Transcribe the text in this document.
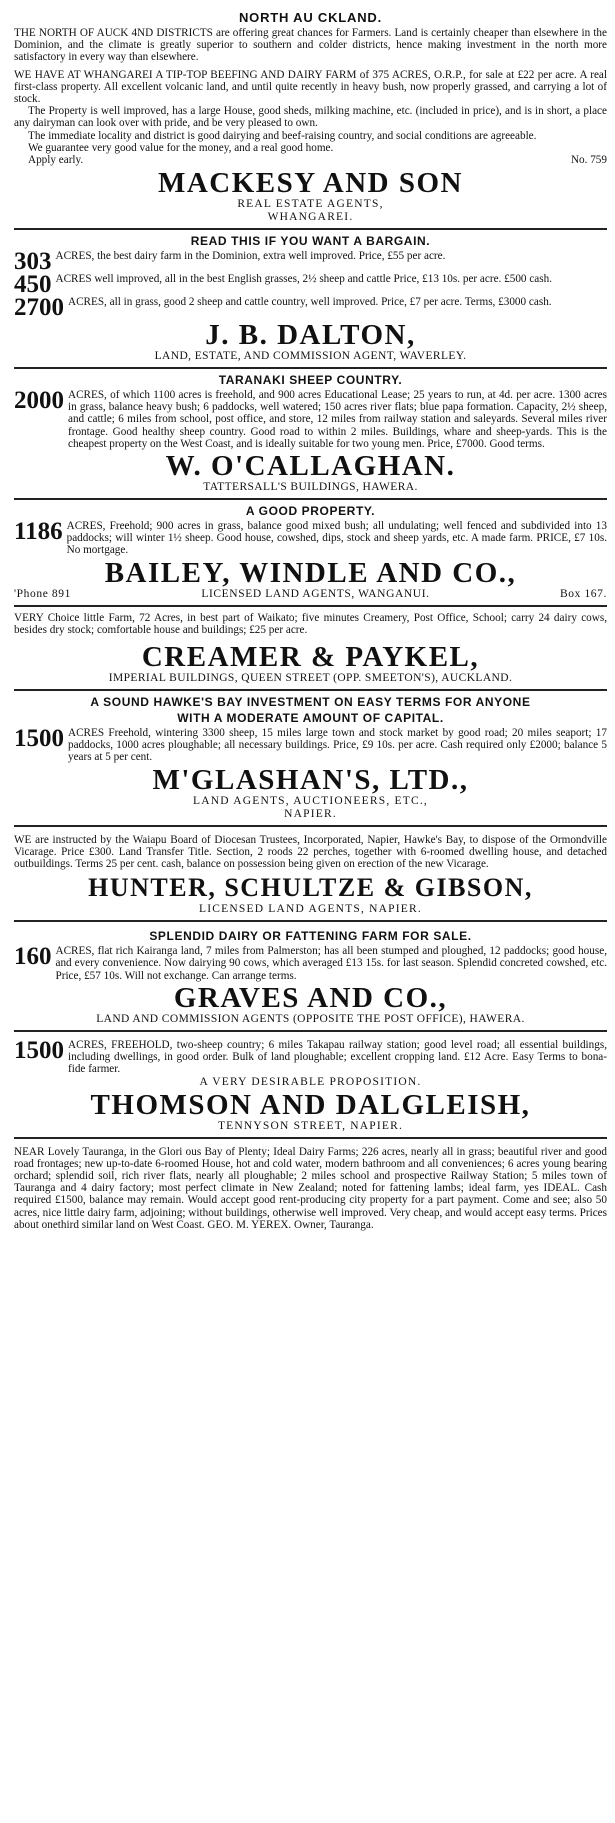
NORTH AU CKLAND.

THE NORTH OF AUCK 4ND DISTRICTS are offering great chances for Farmers. Land is certainly cheaper than elsewhere in the Dominion, and the climate is greatly superior to southern and colder districts, hence making investment in the north more satisfactory in every way than elsewhere.

WE HAVE AT WHANGAREI A TIP-TOP BEEFING AND DAIRY FARM of 375 ACRES, O.R.P., for sale at £22 per acre. A real first-class property. All excellent volcanic land, and until quite recently in heavy bush, now properly grassed, and carrying a lot of stock.

The Property is well improved, has a large House, good sheds, milking machine, etc. (included in price), and is in short, a place any dairyman can look over with pride, and be very pleased to own.

The immediate locality and district is good dairying and beef-raising country, and social conditions are agreeable.

We guarantee very good value for the money, and a real good home.

Apply early.	No. 759
MACKESY AND SON
REAL ESTATE AGENTS,
WHANGAREI.
READ THIS IF YOU WANT A BARGAIN.
303 ACRES, the best dairy farm in the Dominion, extra well improved. Price, £55 per acre.

450 ACRES well improved, all in the best English grasses, 2½ sheep and cattle Price, £13 10s. per acre. £500 cash.

2700 ACRES, all in grass, good 2 sheep and cattle country, well improved. Price, £7 per acre. Terms, £3000 cash.

J. B. DALTON,
LAND, ESTATE, AND COMMISSION AGENT, WAVERLEY.
TARANAKI SHEEP COUNTRY.
2000 ACRES, of which 1100 acres is freehold, and 900 acres Educational Lease; 25 years to run, at 4d. per acre. 1300 acres in grass, balance heavy bush; 6 paddocks, well watered; 150 acres river flats; blue papa formation. Capacity, 2½ sheep, and cattle; 6 miles from school, post office, and store, 12 miles from railway station and saleyards. Several miles river frontage. Good healthy sheep country. Good road to within 2 miles. Buildings, whare and sheep-yards. This is the cheapest property on the West Coast, and is ideally suitable for two young men. Price, £7000. Good terms.

W. O'CALLAGHAN.
TATTERSALL'S BUILDINGS, HAWERA.
A GOOD PROPERTY.
1186 ACRES, Freehold; 900 acres in grass, balance good mixed bush; all undulating; well fenced and subdivided into 13 paddocks; will winter 1½ sheep. Good house, cowshed, dips, stock and sheep yards, etc. A made farm. PRICE, £7 10s. No mortgage.

BAILEY, WINDLE AND CO.,
'Phone 891	LICENSED LAND AGENTS, WANGANUI.	Box 167.

VERY Choice little Farm, 72 Acres, in best part of Waikato; five minutes Creamery, Post Office, School; carry 24 dairy cows, besides dry stock; comfortable house and buildings; £25 per acre.

CREAMER & PAYKEL,
IMPERIAL BUILDINGS, QUEEN STREET (OPP. SMEETON'S), AUCKLAND.
A SOUND HAWKE'S BAY INVESTMENT ON EASY TERMS FOR ANYONE
WITH A MODERATE AMOUNT OF CAPITAL.
1500 ACRES Freehold, wintering 3300 sheep, 15 miles large town and stock market by good road; 20 miles seaport; 17 paddocks, 1000 acres ploughable; all necessary buildings. Price, £9 10s. per acre. Cash required only £2000; balance 5 years at 5 per cent.

M'GLASHAN'S, LTD.,
LAND AGENTS, AUCTIONEERS, ETC.,
NAPIER.

WE are instructed by the Waiapu Board of Diocesan Trustees, Incorporated, Napier, Hawke's Bay, to dispose of the Ormondville Vicarage. Price £300. Land Transfer Title. Section, 2 roods 22 perches, together with 6-roomed dwelling house, and detached outbuildings. Terms 25 per cent. cash, balance on possession being given on erection of the new Vicarage.

HUNTER, SCHULTZE & GIBSON,
LICENSED LAND AGENTS, NAPIER.
SPLENDID DAIRY OR FATTENING FARM FOR SALE.
160 ACRES, flat rich Kairanga land, 7 miles from Palmerston; has all been stumped and ploughed, 12 paddocks; good house, and every convenience. Now dairying 90 cows, which averaged £13 15s. for last season. Splendid concreted cowshed, etc. Price, £57 10s. Will not exchange. Can arrange terms.

GRAVES AND CO.,
LAND AND COMMISSION AGENTS (OPPOSITE THE POST OFFICE), HAWERA.
1500 ACRES, FREEHOLD, two-sheep country; 6 miles Takapau railway station; good level road; all essential buildings, including dwellings, in good order. Bulk of land ploughable; excellent cropping land. £12 Acre. Easy Terms to bona-fide farmer.

A VERY DESIRABLE PROPOSITION.
THOMSON AND DALGLEISH,
TENNYSON STREET, NAPIER.

NEAR Lovely Tauranga, in the Glori ous Bay of Plenty; Ideal Dairy Farms; 226 acres, nearly all in grass; beautiful river and good road frontages; new up-to-date 6-roomed House, hot and cold water, modern bathroom and all conveniences; 6 acres young bearing orchard; splendid soil, rich river flats, nearly all ploughable; 2 miles school and prospective Railway Station; 5 miles town of Tauranga and 4 dairy factory; most perfect climate in New Zealand; noted for fattening lambs; ideal farm, yes IDEAL. Cash required £1500, balance may remain. Would accept good rent-producing city property for a part payment. Come and see; also 50 acres, nice little dairy farm, adjoining; without buildings, otherwise well improved. Very cheap, and would accept easy terms. Prices about onethird similar land on West Coast. GEO. M. YEREX. Owner, Tauranga.
